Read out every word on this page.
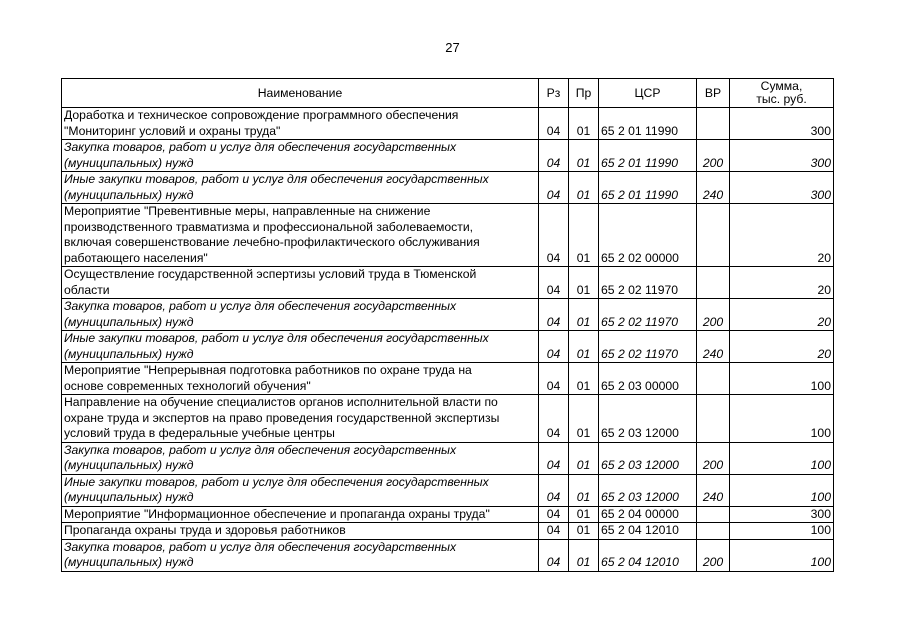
27
Наименование	Рз	Пр	ЦСР	ВР	Сумма,
тыс. руб.
Доработка и техническое сопровождение программного обеспечения
"Мониторинг условий и охраны труда"	04	01	65 2 01 11990		300
Закупка товаров, работ и услуг для обеспечения государственных
(муниципальных) нужд	04	01	65 2 01 11990	200	300
Иные закупки товаров, работ и услуг для обеспечения государственных
(муниципальных) нужд	04	01	65 2 01 11990	240	300
Мероприятие "Превентивные меры, направленные на снижение
производственного травматизма и профессиональной заболеваемости,
включая совершенствование лечебно-профилактического обслуживания
работающего населения"	04	01	65 2 02 00000		20
Осуществление государственной эспертизы условий труда в Тюменской
области	04	01	65 2 02 11970		20
Закупка товаров, работ и услуг для обеспечения государственных
(муниципальных) нужд	04	01	65 2 02 11970	200	20
Иные закупки товаров, работ и услуг для обеспечения государственных
(муниципальных) нужд	04	01	65 2 02 11970	240	20
Мероприятие "Непрерывная подготовка работников по охране труда на
основе современных технологий обучения"	04	01	65 2 03 00000		100
Направление на обучение специалистов органов исполнительной власти по
охране труда и экспертов на право проведения государственной экспертизы
условий труда в федеральные учебные центры	04	01	65 2 03 12000		100
Закупка товаров, работ и услуг для обеспечения государственных
(муниципальных) нужд	04	01	65 2 03 12000	200	100
Иные закупки товаров, работ и услуг для обеспечения государственных
(муниципальных) нужд	04	01	65 2 03 12000	240	100
Мероприятие "Информационное обеспечение и пропаганда охраны труда"	04	01	65 2 04 00000		300
Пропаганда охраны труда и здоровья работников	04	01	65 2 04 12010		100
Закупка товаров, работ и услуг для обеспечения государственных
(муниципальных) нужд	04	01	65 2 04 12010	200	100
